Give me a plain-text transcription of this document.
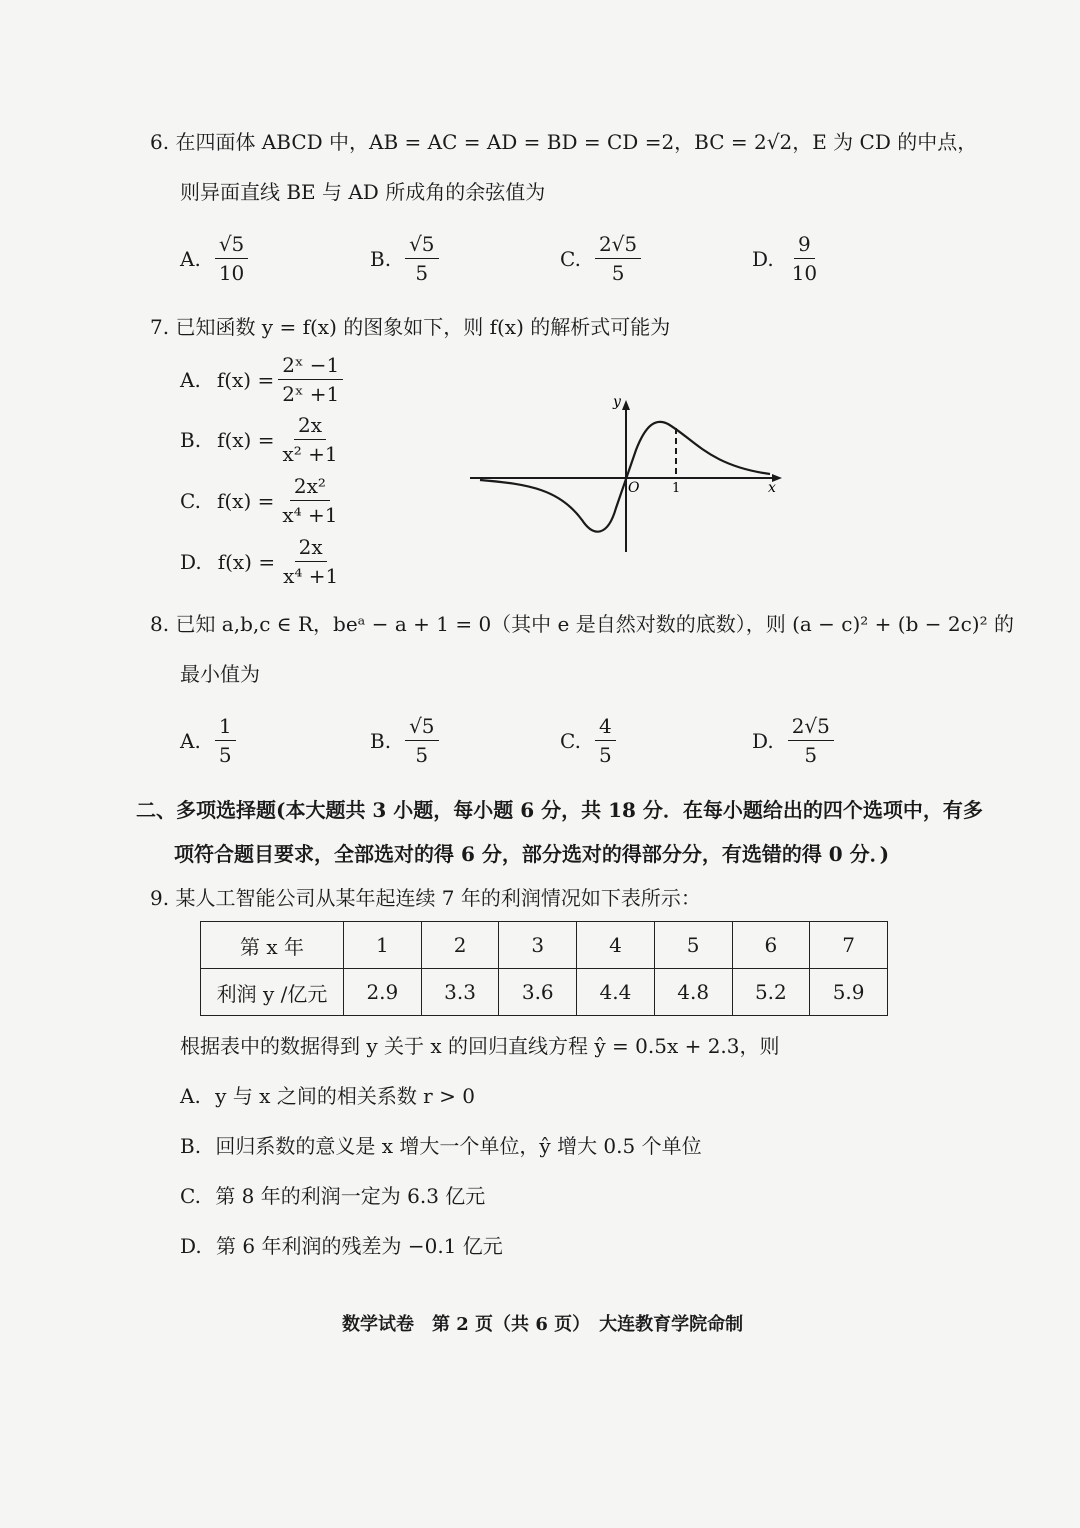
6. 在四面体 ABCD 中，AB = AC = AD = BD = CD =2，BC = 2√2，E 为 CD 的中点，
则异面直线 BE 与 AD 所成角的余弦值为
A. $\frac{√5}{10}$	B. $\frac{√5}{5}$	C. $\frac{2√5}{5}$	D. $\frac{9}{10}$
7. 已知函数 y = f(x) 的图象如下，则 f(x) 的解析式可能为
A. $f(x) = \frac{\text{2ˣ −1}}{\text{2ˣ +1}}$
B. $f(x) = \frac{2x}{\text{x² +1}}$
C. $f(x) = \frac{\text{2x²}}{\text{x⁴ +1}}$
D. $f(x) = \frac{2x}{\text{x⁴ +1}}$
y
x
O	1
8. 已知 a,b,c ∈ R，beᵃ − a + 1 = 0（其中 e 是自然对数的底数），则 (a − c)² + (b − 2c)² 的
最小值为
A. $\frac{1}{5}$	B. $\frac{√5}{5}$	C. $\frac{4}{5}$	D. $\frac{2√5}{5}$
二、多项选择题(本大题共 3 小题，每小题 6 分，共 18 分．在每小题给出的四个选项中，有多
项符合题目要求，全部选对的得 6 分，部分选对的得部分分，有选错的得 0 分．)
9. 某人工智能公司从某年起连续 7 年的利润情况如下表所示：
第 x 年	1	2	3	4	5	6	7
利润 y /亿元	2.9	3.3	3.6	4.4	4.8	5.2	5.9
根据表中的数据得到 y 关于 x 的回归直线方程 ŷ = 0.5x + 2.3，则
A. y 与 x 之间的相关系数 r > 0
B. 回归系数的意义是 x 增大一个单位，ŷ 增大 0.5 个单位
C. 第 8 年的利润一定为 6.3 亿元
D. 第 6 年利润的残差为 −0.1 亿元
数学试卷　第 2 页（共 6 页）　大连教育学院命制
